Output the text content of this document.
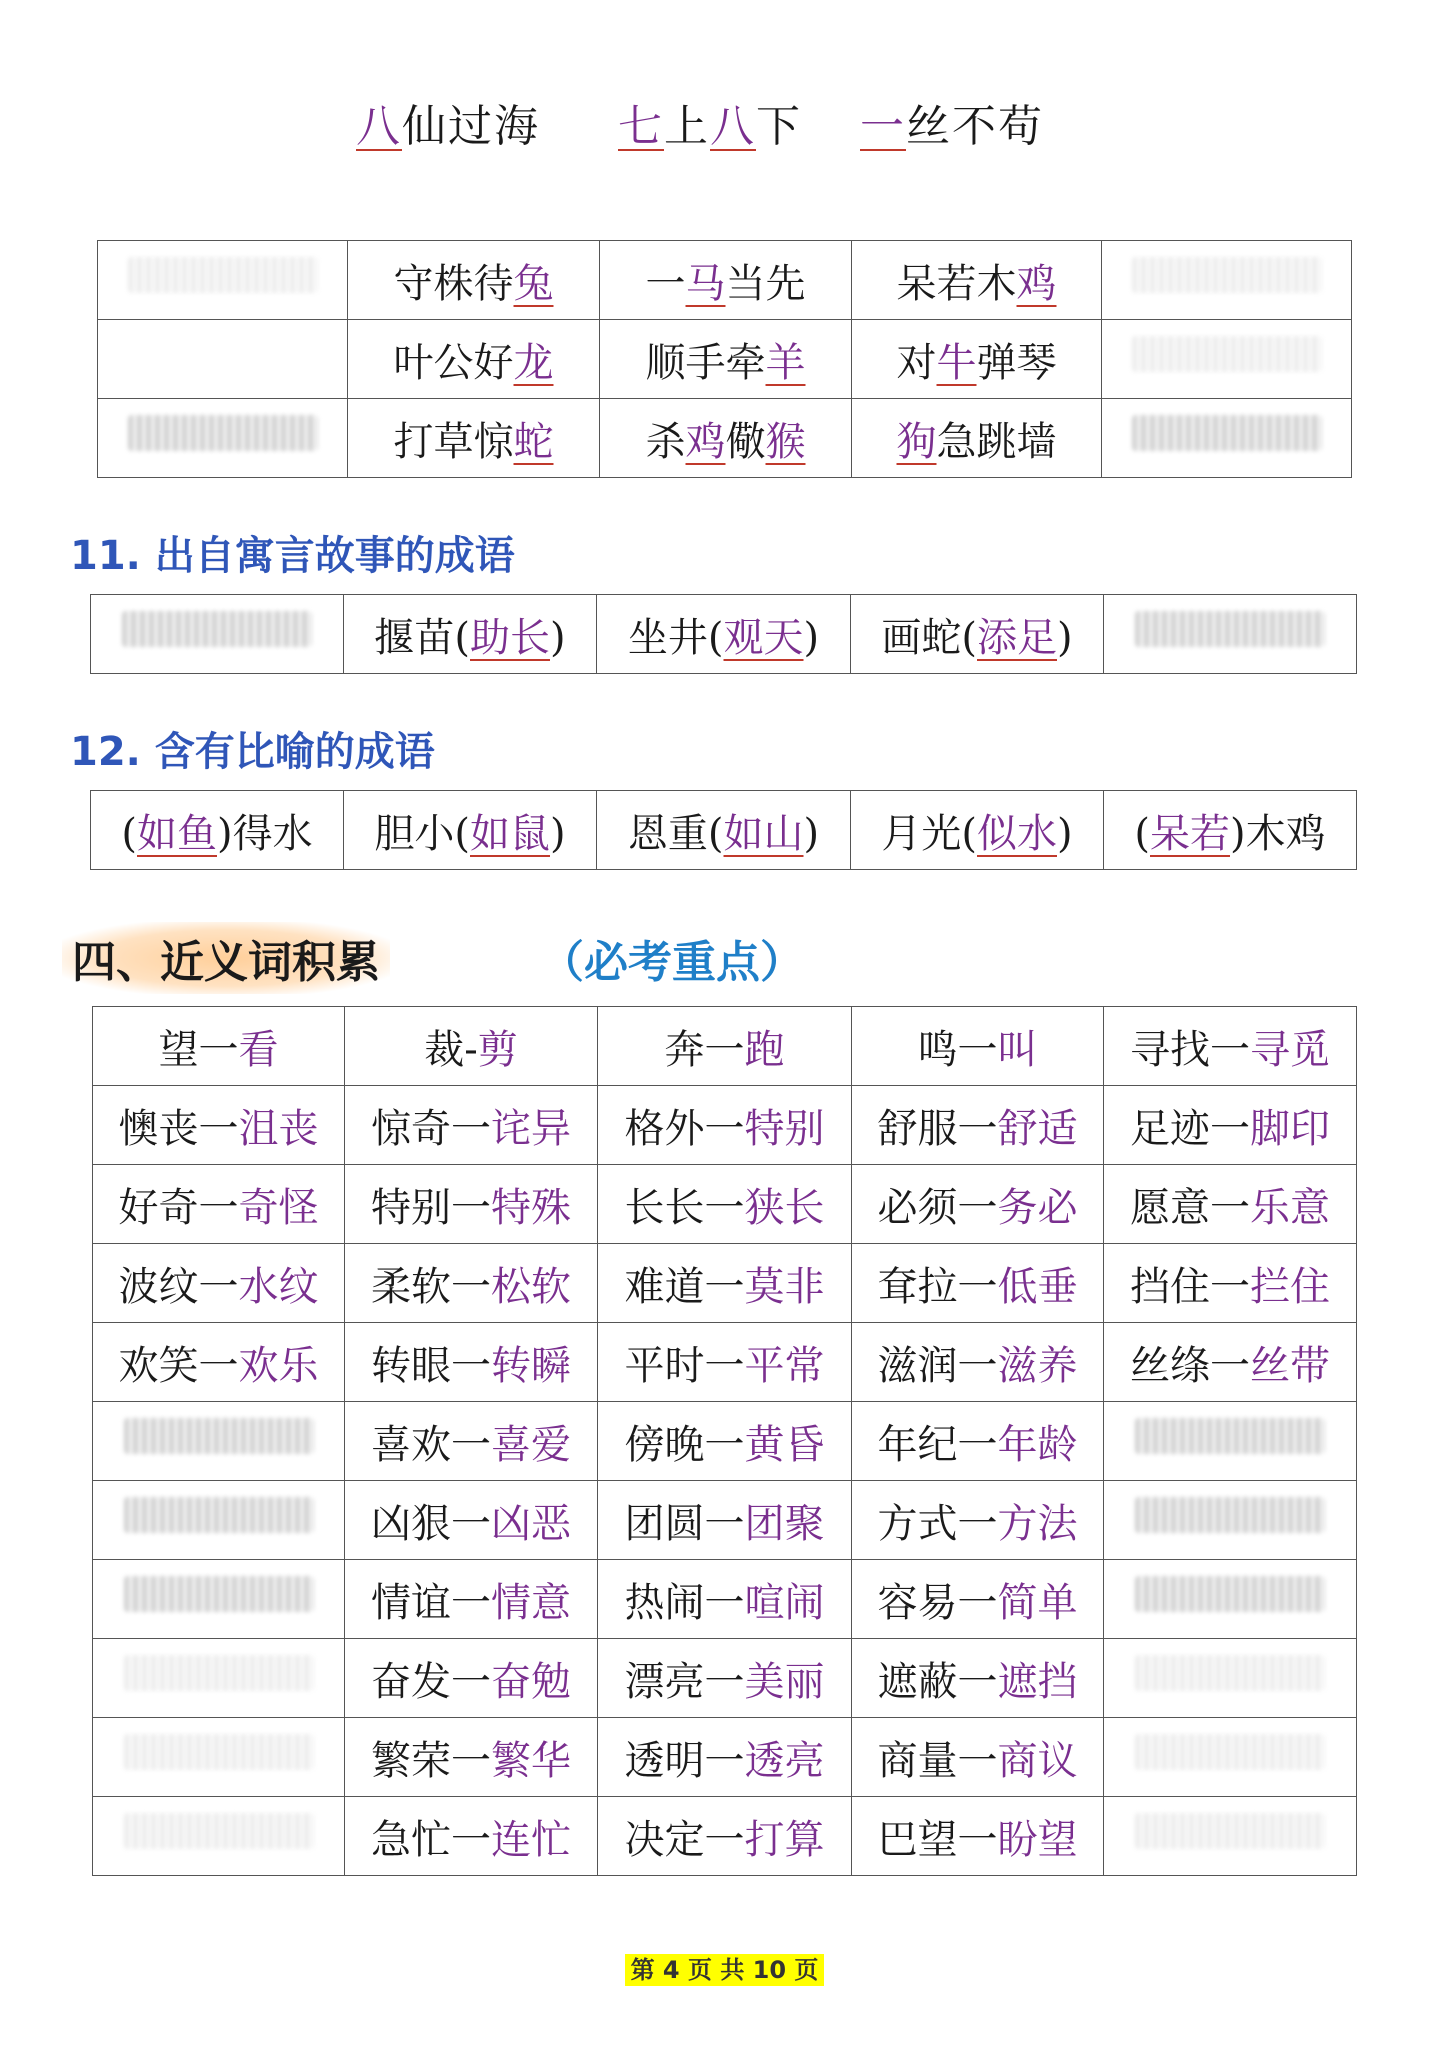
八仙过海 七上八下 一丝不苟
	守株待兔	一马当先	呆若木鸡	
	叶公好龙	顺手牵羊	对牛弹琴	
	打草惊蛇	杀鸡儆猴	狗急跳墙	
11. 出自寓言故事的成语
	揠苗(助长)	坐井(观天)	画蛇(添足)	
12. 含有比喻的成语
(如鱼)得水	胆小(如鼠)	恩重(如山)	月光(似水)	(呆若)木鸡
四、近义词积累	（必考重点）
望一看	裁-剪	奔一跑	鸣一叫	寻找一寻觅
懊丧一沮丧	惊奇一诧异	格外一特别	舒服一舒适	足迹一脚印
好奇一奇怪	特别一特殊	长长一狭长	必须一务必	愿意一乐意
波纹一水纹	柔软一松软	难道一莫非	耷拉一低垂	挡住一拦住
欢笑一欢乐	转眼一转瞬	平时一平常	滋润一滋养	丝绦一丝带
	喜欢一喜爱	傍晚一黄昏	年纪一年龄	
	凶狠一凶恶	团圆一团聚	方式一方法	
	情谊一情意	热闹一喧闹	容易一简单	
	奋发一奋勉	漂亮一美丽	遮蔽一遮挡	
	繁荣一繁华	透明一透亮	商量一商议	
	急忙一连忙	决定一打算	巴望一盼望	
第 4 页 共 10 页
